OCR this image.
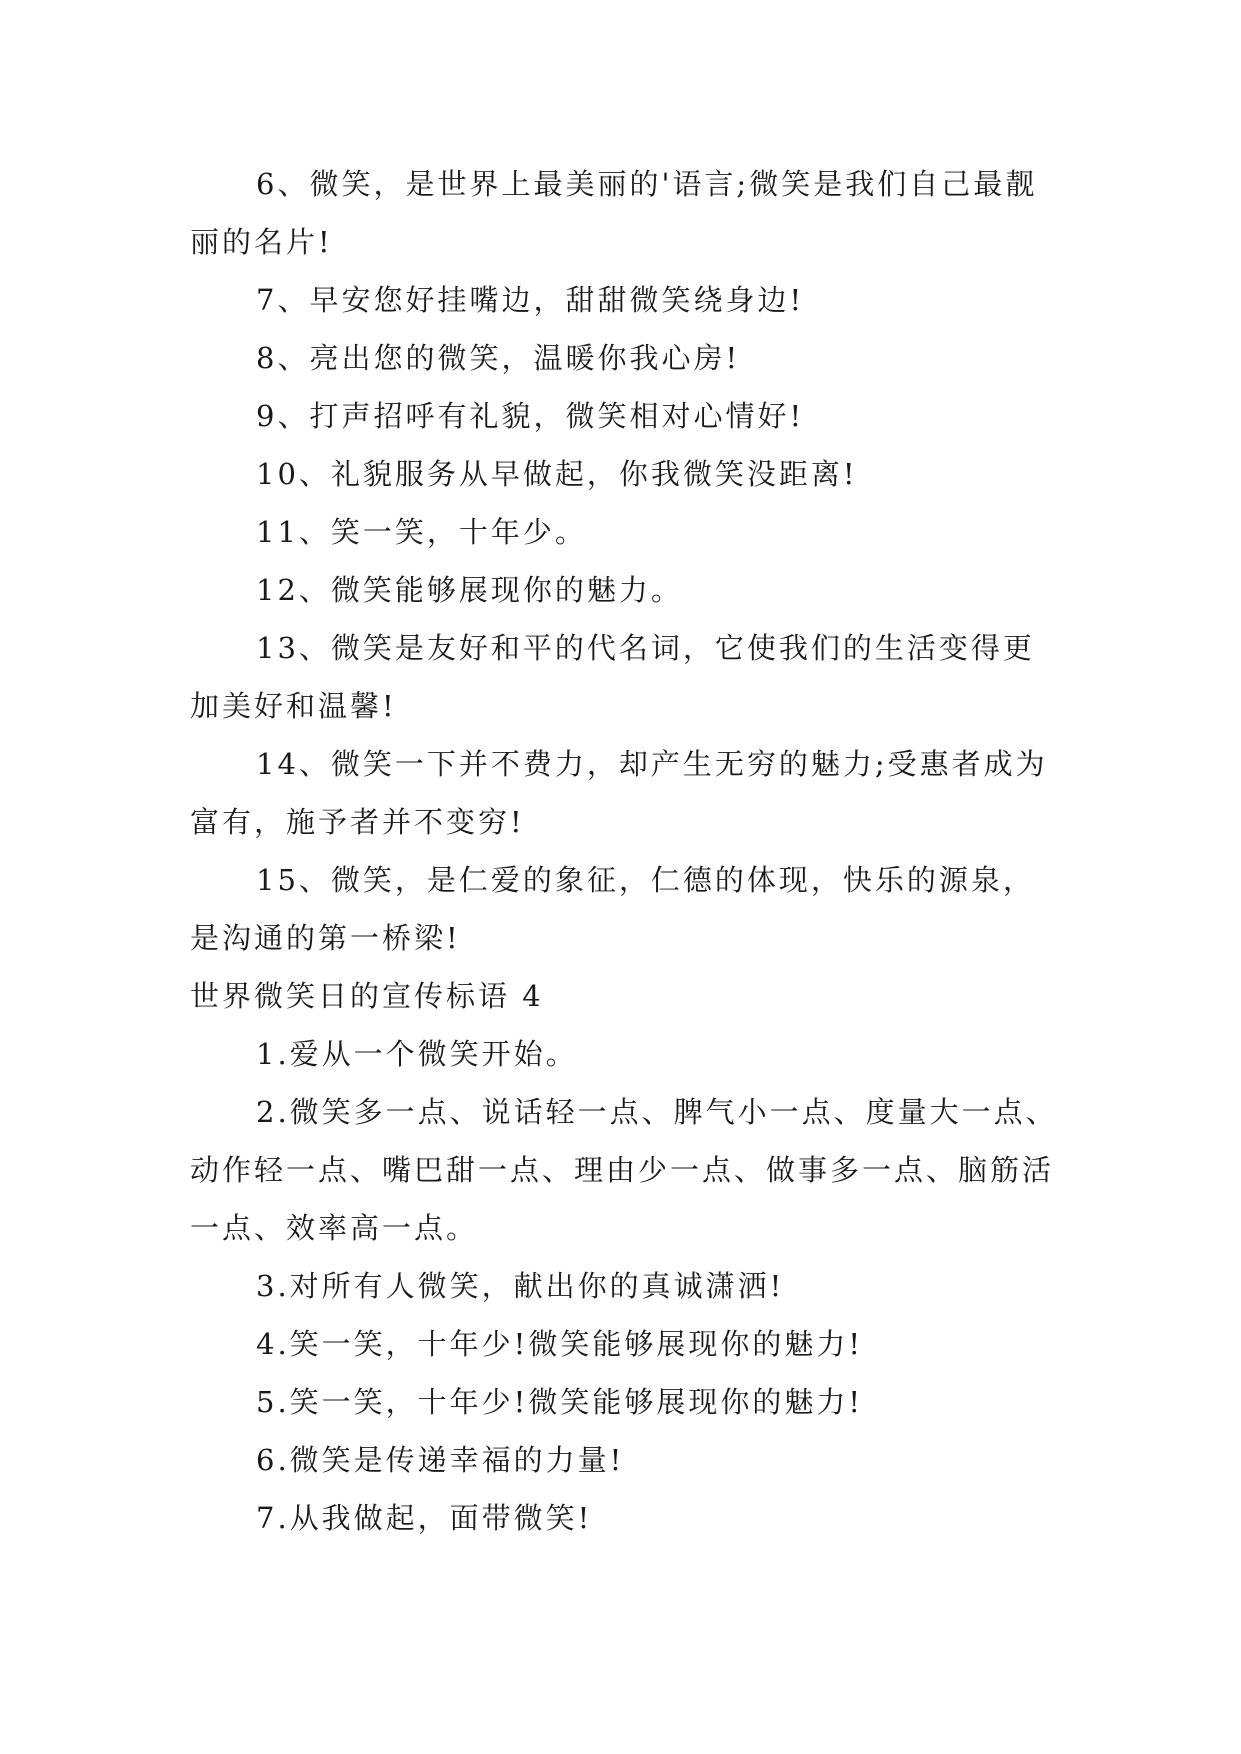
6、微笑，是世界上最美丽的'语言;微笑是我们自己最靓丽的名片!

7、早安您好挂嘴边，甜甜微笑绕身边!

8、亮出您的微笑，温暖你我心房!

9、打声招呼有礼貌，微笑相对心情好!

10、礼貌服务从早做起，你我微笑没距离!

11、笑一笑，十年少。

12、微笑能够展现你的魅力。

13、微笑是友好和平的代名词，它使我们的生活变得更加美好和温馨!

14、微笑一下并不费力，却产生无穷的魅力;受惠者成为富有，施予者并不变穷!

15、微笑，是仁爱的象征，仁德的体现，快乐的源泉，是沟通的第一桥梁!

世界微笑日的宣传标语 4

1.爱从一个微笑开始。

2.微笑多一点、说话轻一点、脾气小一点、度量大一点、动作轻一点、嘴巴甜一点、理由少一点、做事多一点、脑筋活一点、效率高一点。

3.对所有人微笑，献出你的真诚潇洒!

4.笑一笑，十年少!微笑能够展现你的魅力!

5.笑一笑，十年少!微笑能够展现你的魅力!

6.微笑是传递幸福的力量!

7.从我做起，面带微笑!
